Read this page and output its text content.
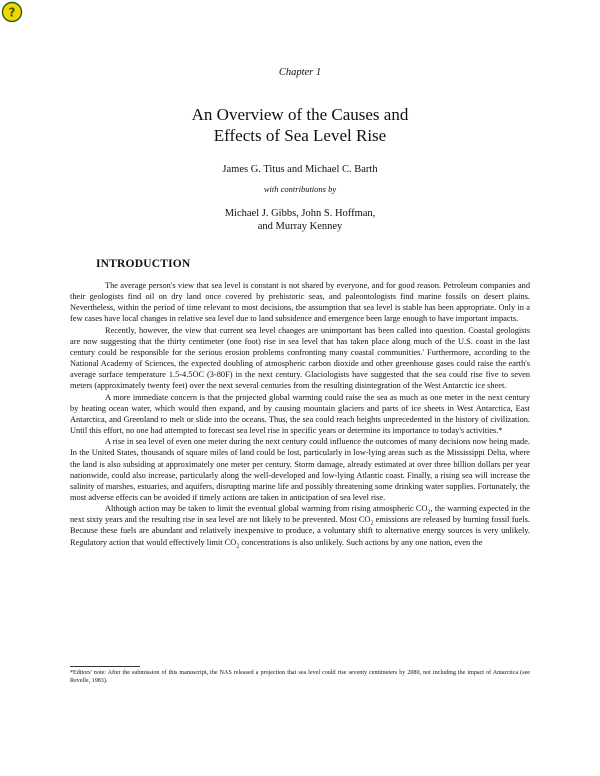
?
Chapter 1
An Overview of the Causes and
Effects of Sea Level Rise
James G. Titus and Michael C. Barth
with contributions by
Michael J. Gibbs, John S. Hoffman,
and Murray Kenney
INTRODUCTION

The average person's view that sea level is constant is not shared by everyone, and for good reason. Petroleum companies and their geologists find oil on dry land once covered by prehistoric seas, and paleontologists find marine fossils on desert plains. Nevertheless, within the period of time relevant to most decisions, the assumption that sea level is stable has been appropriate. Only in a few cases have local changes in relative sea level due to land subsidence and emergence been large enough to have important impacts.

Recently, however, the view that current sea level changes are unimportant has been called into question. Coastal geologists are now suggesting that the thirty centimeter (one foot) rise in sea level that has taken place along much of the U.S. coast in the last century could be responsible for the serious erosion problems confronting many coastal communities.' Furthermore, according to the National Academy of Sciences, the expected doubling of atmospheric carbon dioxide and other greenhouse gases could raise the earth's average surface temperature 1.5-4.5OC (3-80F) in the next century. Glaciologists have suggested that the sea could rise five to seven meters (approximately twenty feet) over the next several centuries from the resulting disintegration of the West Antarctic ice sheet.

A more immediate concern is that the projected global warming could raise the sea as much as one meter in the next century by heating ocean water, which would then expand, and by causing mountain glaciers and parts of ice sheets in West Antarctica, East Antarctica, and Greenland to melt or slide into the oceans. Thus, the sea could reach heights unprecedented in the history of civilization. Until this effort, no one had attempted to forecast sea level rise in specific years or determine its importance to today's activities.*

A rise in sea level of even one meter during the next century could influence the outcomes of many decisions now being made. In the United States, thousands of square miles of land could be lost, particularly in low-lying areas such as the Mississippi Delta, where the land is also subsiding at approximately one meter per century. Storm damage, already estimated at over three billion dollars per year nationwide, could also increase, particularly along the well-developed and low-lying Atlantic coast. Finally, a rising sea will increase the salinity of marshes, estuaries, and aquifers, disrupting marine life and possibly threatening some drinking water supplies. Fortunately, the most adverse effects can be avoided if timely actions are taken in anticipation of sea level rise.

Although action may be taken to limit the eventual global warming from rising atmospheric $CO_2$, the warming expected in the next sixty years and the resulting rise in sea level are not likely to be prevented. Most $CO_2$ emissions are released by burning fossil fuels. Because these fuels are abundant and relatively inexpensive to produce, a voluntary shift to alternative energy sources is very unlikely. Regulatory action that would effectively limit $CO_2$ concentrations is also unlikely. Such actions by any one nation, even the

*Editors' note: After the submission of this manuscript, the NAS released a projection that sea level could rise seventy centimeters by 2080, not including the impact of Antarctica (see Revelle, 1983).
